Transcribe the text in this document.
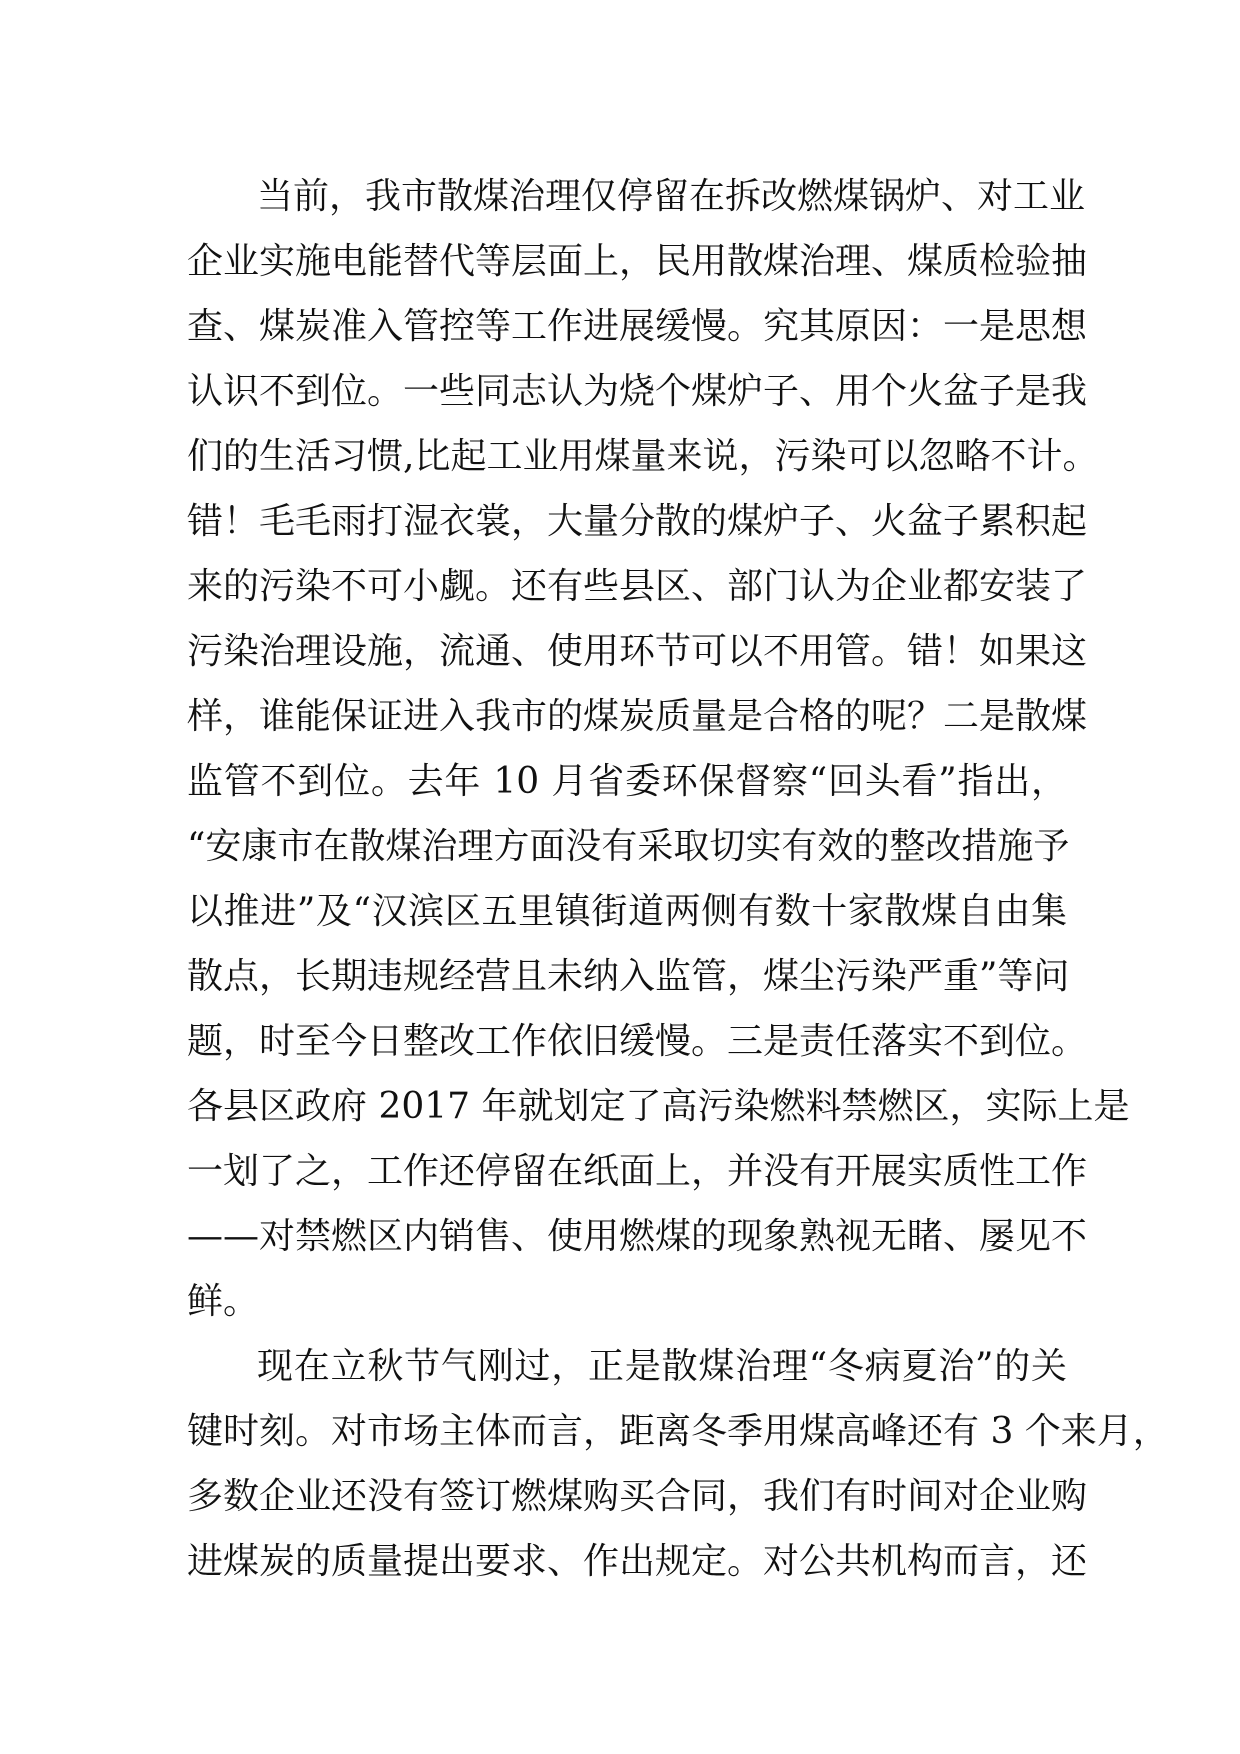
当前，我市散煤治理仅停留在拆改燃煤锅炉、对工业
企业实施电能替代等层面上，民用散煤治理、煤质检验抽
查、煤炭准入管控等工作进展缓慢。究其原因：一是思想
认识不到位。一些同志认为烧个煤炉子、用个火盆子是我
们的生活习惯,比起工业用煤量来说，污染可以忽略不计。
错！毛毛雨打湿衣裳，大量分散的煤炉子、火盆子累积起
来的污染不可小觑。还有些县区、部门认为企业都安装了
污染治理设施，流通、使用环节可以不用管。错！如果这
样，谁能保证进入我市的煤炭质量是合格的呢？二是散煤
监管不到位。去年 10 月省委环保督察“回头看”指出，
“安康市在散煤治理方面没有采取切实有效的整改措施予
以推进”及“汉滨区五里镇街道两侧有数十家散煤自由集
散点，长期违规经营且未纳入监管，煤尘污染严重”等问
题，时至今日整改工作依旧缓慢。三是责任落实不到位。
各县区政府 2017 年就划定了高污染燃料禁燃区，实际上是
一划了之，工作还停留在纸面上，并没有开展实质性工作
——对禁燃区内销售、使用燃煤的现象熟视无睹、屡见不
鲜。
现在立秋节气刚过，正是散煤治理“冬病夏治”的关
键时刻。对市场主体而言，距离冬季用煤高峰还有 3 个来月，
多数企业还没有签订燃煤购买合同，我们有时间对企业购
进煤炭的质量提出要求、作出规定。对公共机构而言，还
